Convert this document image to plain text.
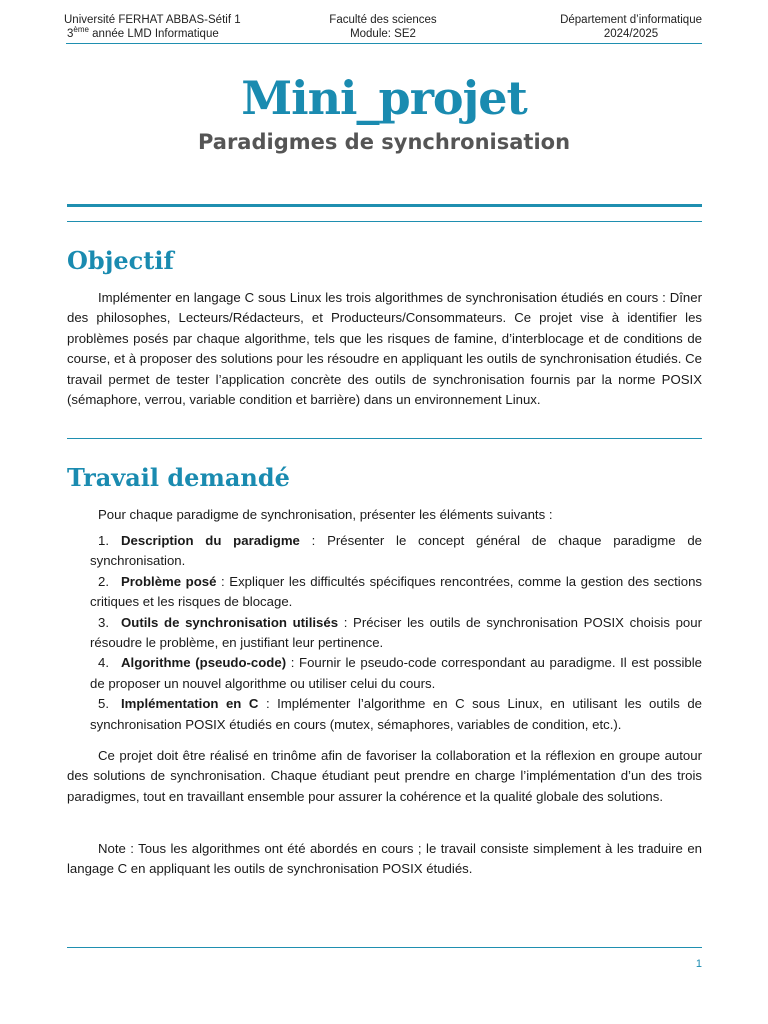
Université FERHAT ABBAS-Sétif 1
3ème année LMD Informatique
Faculté des sciences
Module: SE2
Département d’informatique
2024/2025
Mini_projet
Paradigmes de synchronisation
Objectif
Implémenter en langage C sous Linux les trois algorithmes de synchronisation étudiés en cours : Dîner des philosophes, Lecteurs/Rédacteurs, et Producteurs/Consommateurs. Ce projet vise à identifier les problèmes posés par chaque algorithme, tels que les risques de famine, d’interblocage et de conditions de course, et à proposer des solutions pour les résoudre en appliquant les outils de synchronisation étudiés. Ce travail permet de tester l’application concrète des outils de synchronisation fournis par la norme POSIX (sémaphore, verrou, variable condition et barrière) dans un environnement Linux.
Travail demandé
Pour chaque paradigme de synchronisation, présenter les éléments suivants :
1. Description du paradigme : Présenter le concept général de chaque paradigme de synchronisation.
2. Problème posé : Expliquer les difficultés spécifiques rencontrées, comme la gestion des sections critiques et les risques de blocage.
3. Outils de synchronisation utilisés : Préciser les outils de synchronisation POSIX choisis pour résoudre le problème, en justifiant leur pertinence.
4. Algorithme (pseudo-code) : Fournir le pseudo-code correspondant au paradigme. Il est possible de proposer un nouvel algorithme ou utiliser celui du cours.
5. Implémentation en C : Implémenter l’algorithme en C sous Linux, en utilisant les outils de synchronisation POSIX étudiés en cours (mutex, sémaphores, variables de condition, etc.).
Ce projet doit être réalisé en trinôme afin de favoriser la collaboration et la réflexion en groupe autour des solutions de synchronisation. Chaque étudiant peut prendre en charge l’implémentation d’un des trois paradigmes, tout en travaillant ensemble pour assurer la cohérence et la qualité globale des solutions.
Note : Tous les algorithmes ont été abordés en cours ; le travail consiste simplement à les traduire en langage C en appliquant les outils de synchronisation POSIX étudiés.
1
